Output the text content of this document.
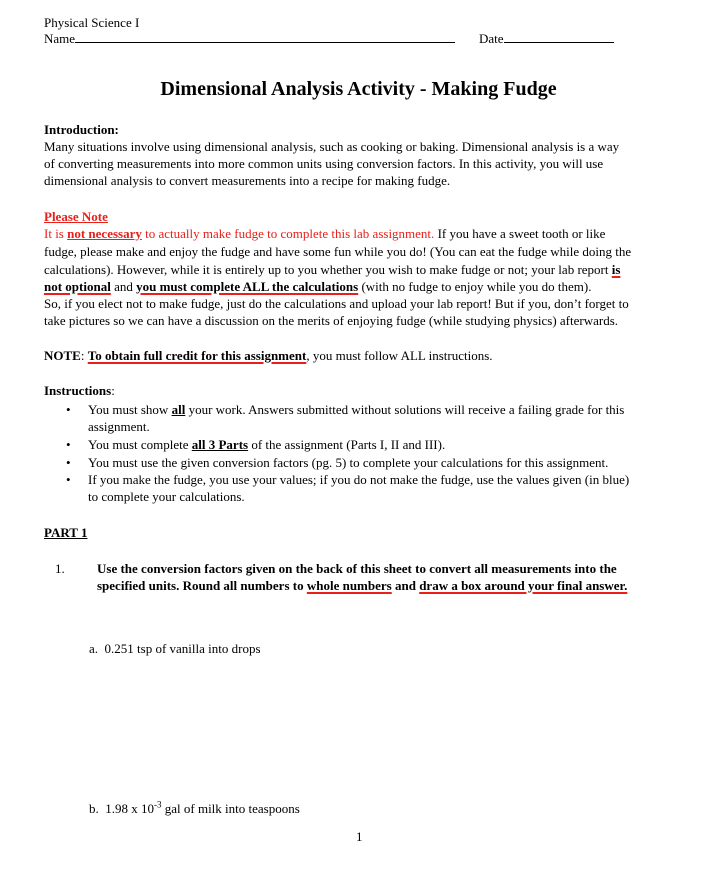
Physical Science I
Name	Date
Dimensional Analysis Activity - Making Fudge
Introduction:
Many situations involve using dimensional analysis, such as cooking or baking. Dimensional analysis is a way
of converting measurements into more common units using conversion factors. In this activity, you will use
dimensional analysis to convert measurements into a recipe for making fudge.
Please Note
It is not necessary to actually make fudge to complete this lab assignment. If you have a sweet tooth or like
fudge, please make and enjoy the fudge and have some fun while you do! (You can eat the fudge while doing the
calculations). However, while it is entirely up to you whether you wish to make fudge or not; your lab report is
not optional and you must complete ALL the calculations (with no fudge to enjoy while you do them).
So, if you elect not to make fudge, just do the calculations and upload your lab report! But if you, don’t forget to
take pictures so we can have a discussion on the merits of enjoying fudge (while studying physics) afterwards.
NOTE: To obtain full credit for this assignment, you must follow ALL instructions.
Instructions:
• You must show all your work. Answers submitted without solutions will receive a failing grade for this
assignment.
• You must complete all 3 Parts of the assignment (Parts I, II and III).
• You must use the given conversion factors (pg. 5) to complete your calculations for this assignment.
• If you make the fudge, you use your values; if you do not make the fudge, use the values given (in blue)
to complete your calculations.
PART 1
1. Use the conversion factors given on the back of this sheet to convert all measurements into the
specified units. Round all numbers to whole numbers and draw a box around your final answer.
a. 0.251 tsp of vanilla into drops
b. 1.98 x $10^{-3}$ gal of milk into teaspoons
1
